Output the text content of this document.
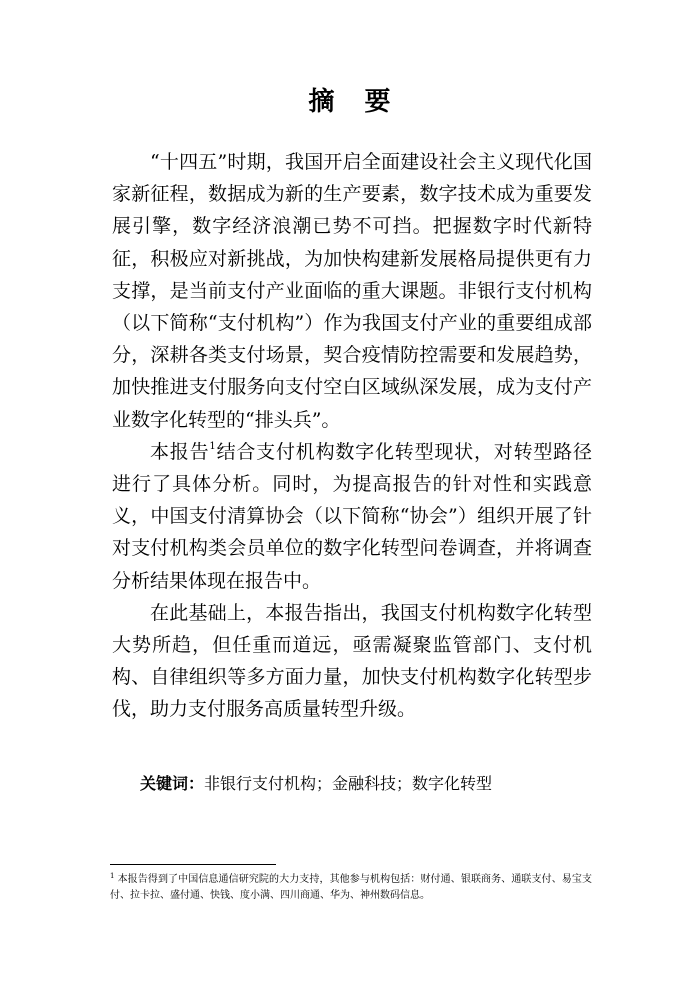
摘要

“十四五”时期，我国开启全面建设社会主义现代化国家新征程，数据成为新的生产要素，数字技术成为重要发展引擎，数字经济浪潮已势不可挡。把握数字时代新特征，积极应对新挑战，为加快构建新发展格局提供更有力支撑，是当前支付产业面临的重大课题。非银行支付机构（以下简称“支付机构”）作为我国支付产业的重要组成部分，深耕各类支付场景，契合疫情防控需要和发展趋势，加快推进支付服务向支付空白区域纵深发展，成为支付产业数字化转型的“排头兵”。

本报告$^1$结合支付机构数字化转型现状，对转型路径进行了具体分析。同时，为提高报告的针对性和实践意义，中国支付清算协会（以下简称“协会”）组织开展了针对支付机构类会员单位的数字化转型问卷调查，并将调查分析结果体现在报告中。

在此基础上，本报告指出，我国支付机构数字化转型大势所趋，但任重而道远，亟需凝聚监管部门、支付机构、自律组织等多方面力量，加快支付机构数字化转型步伐，助力支付服务高质量转型升级。

关键词：非银行支付机构；金融科技；数字化转型
$^1$ 本报告得到了中国信息通信研究院的大力支持，其他参与机构包括：财付通、银联商务、通联支付、易宝支付、拉卡拉、盛付通、快钱、度小满、四川商通、华为、神州数码信息。
